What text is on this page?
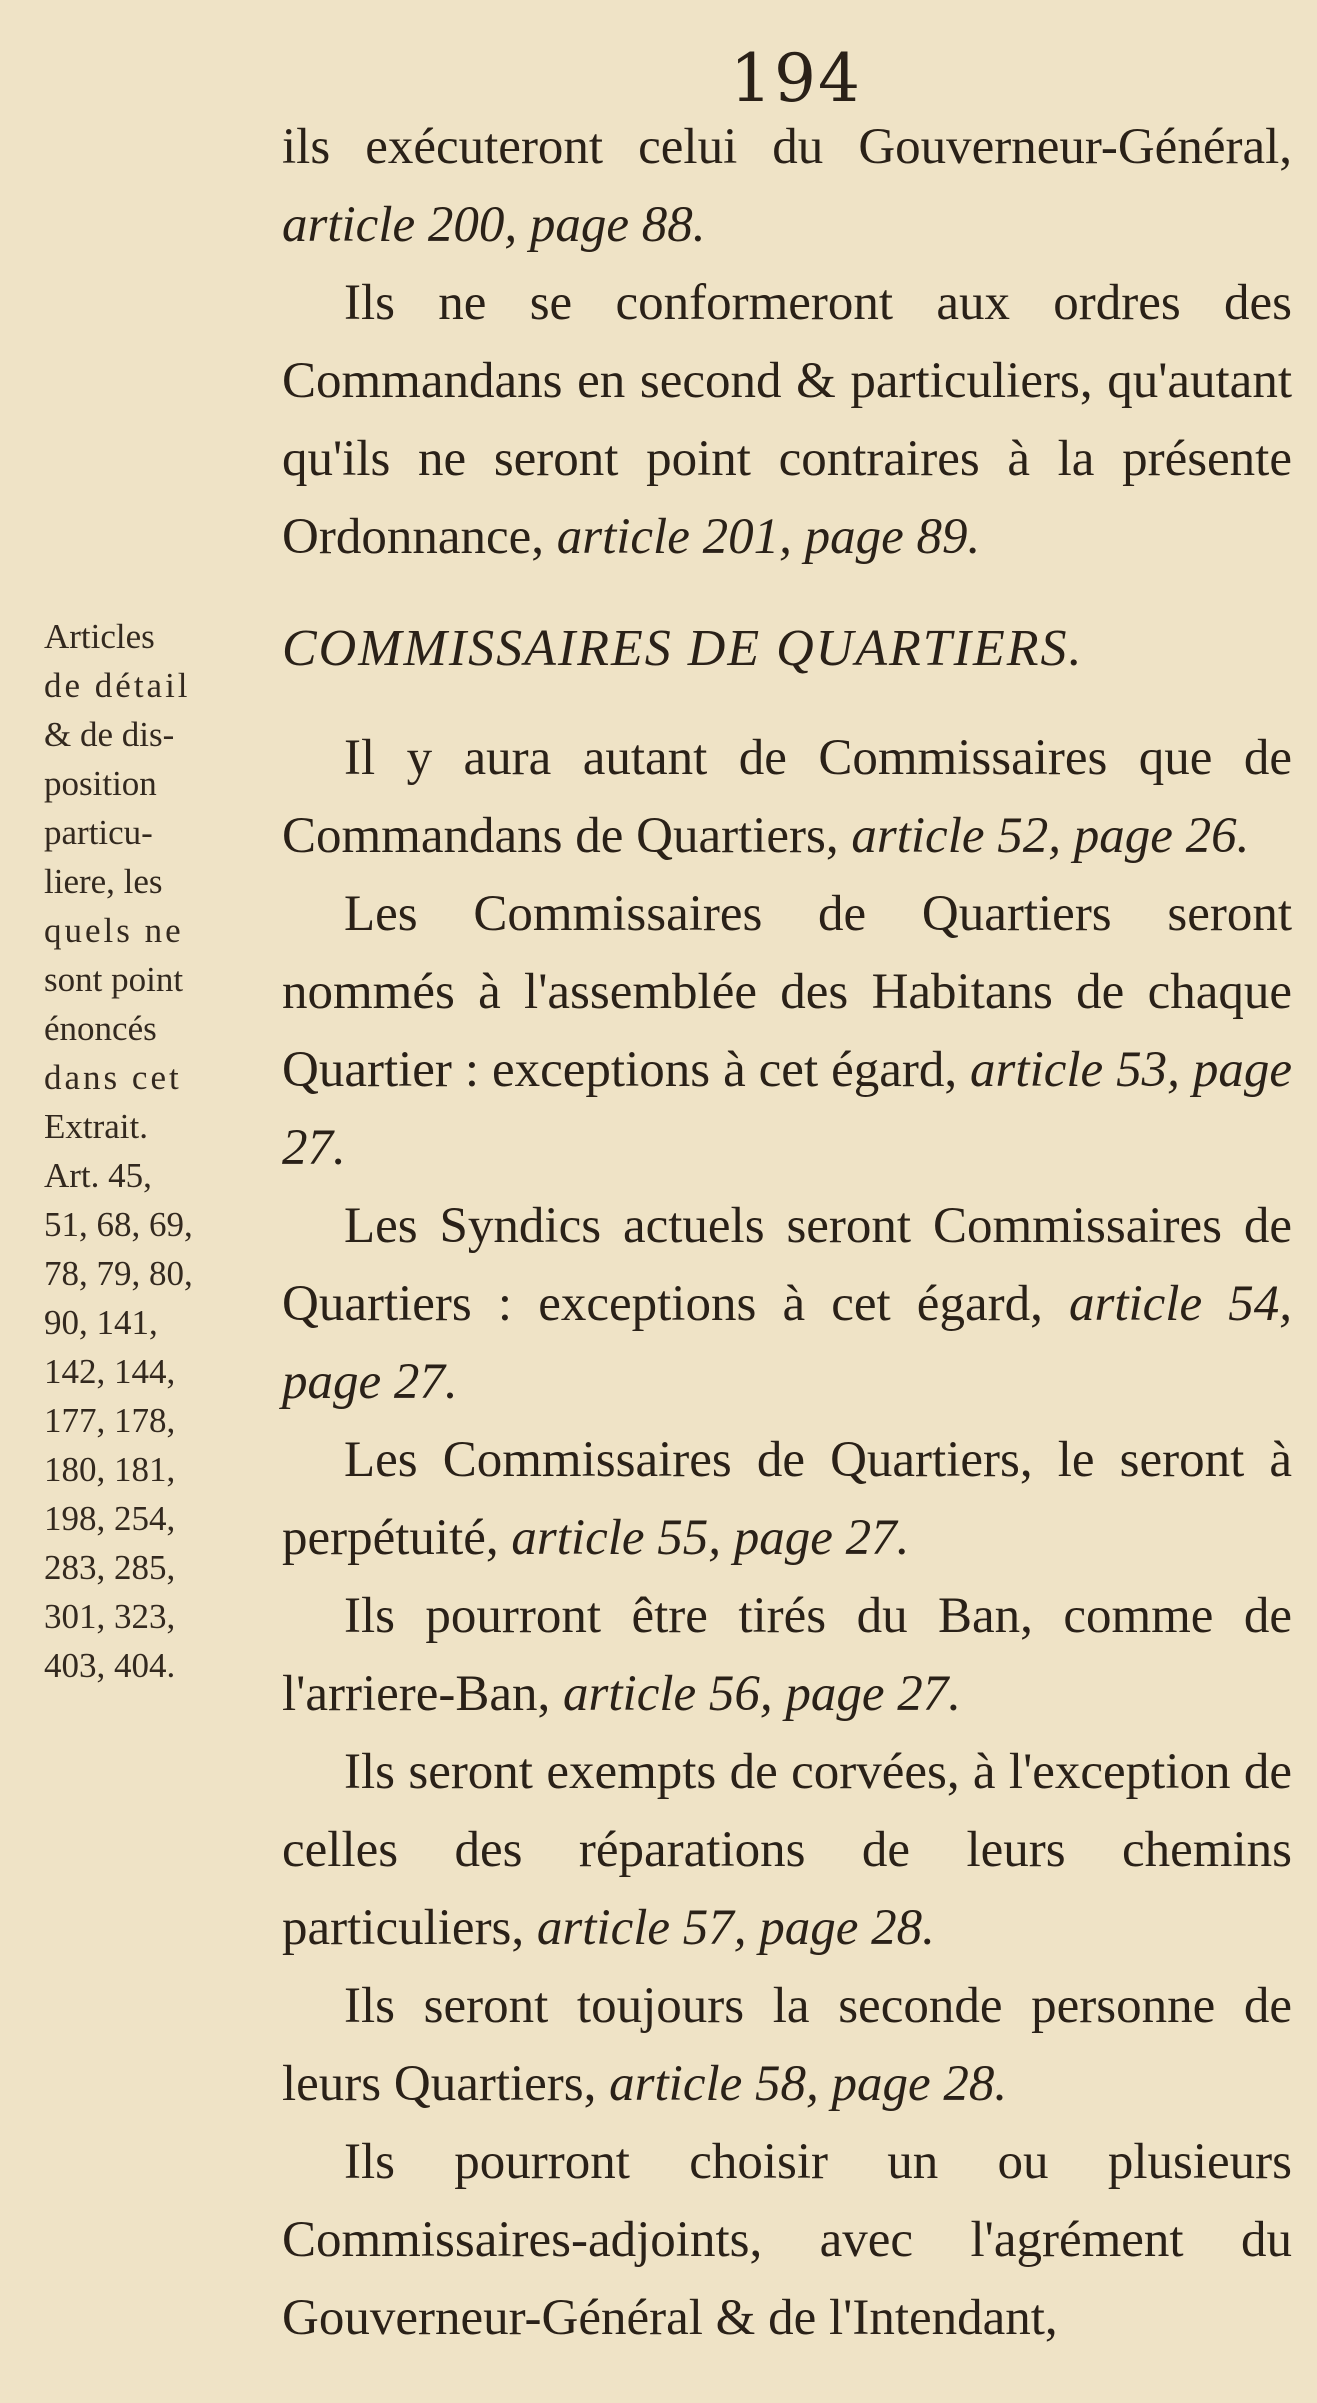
194

ils exécuteront celui du Gouverneur-Général, article 200, page 88.

Ils ne se conformeront aux ordres des Commandans en second & particuliers, qu'autant qu'ils ne seront point contraires à la présente Ordonnance, article 201, page 89.

COMMISSAIRES DE QUARTIERS.

Il y aura autant de Commissaires que de Commandans de Quartiers, article 52, page 26.

Les Commissaires de Quartiers seront nommés à l'assemblée des Habitans de chaque Quartier : exceptions à cet égard, article 53, page 27.

Les Syndics actuels seront Commissaires de Quartiers : exceptions à cet égard, article 54, page 27.

Les Commissaires de Quartiers, le seront à perpétuité, article 55, page 27.

Ils pourront être tirés du Ban, comme de l'arriere-Ban, article 56, page 27.

Ils seront exempts de corvées, à l'exception de celles des réparations de leurs chemins particuliers, article 57, page 28.

Ils seront toujours la seconde personne de leurs Quartiers, article 58, page 28.

Ils pourront choisir un ou plusieurs Commissaires-adjoints, avec l'agrément du Gouverneur-Général & de l'Intendant,

Articles
de détail
& de dis-
position
particu-
liere, les
quels ne
sont point
énoncés
dans cet
Extrait.
Art. 45,
51, 68, 69,
78, 79, 80,
90, 141,
142, 144,
177, 178,
180, 181,
198, 254,
283, 285,
301, 323,
403, 404.
